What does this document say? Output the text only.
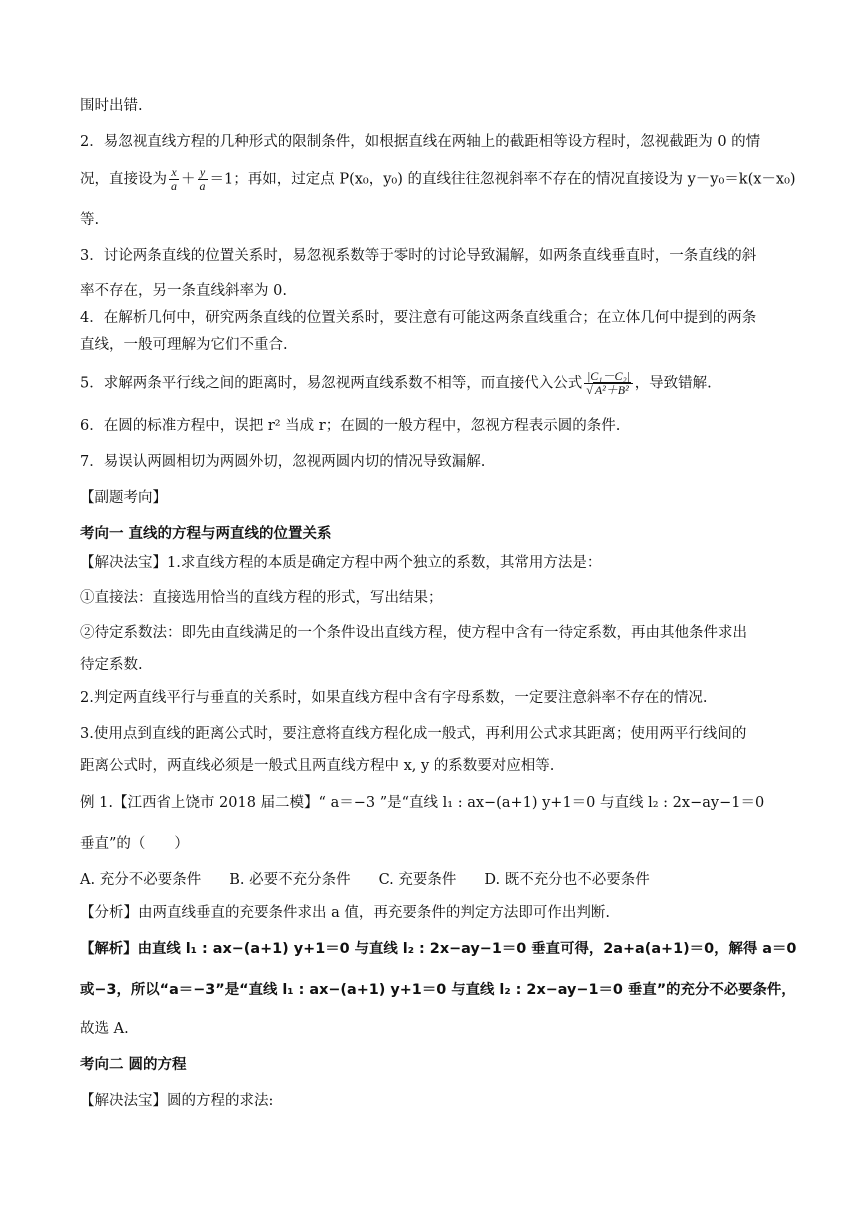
围时出错.
2．易忽视直线方程的几种形式的限制条件，如根据直线在两轴上的截距相等设方程时，忽视截距为 0 的情
况，直接设为 $\frac{x}{a} + \frac{y}{a} =1$；再如，过定点 P(x₀，y₀) 的直线往往忽视斜率不存在的情况直接设为 y－y₀＝k(x－x₀)
等.
3．讨论两条直线的位置关系时，易忽视系数等于零时的讨论导致漏解，如两条直线垂直时，一条直线的斜
率不存在，另一条直线斜率为 0.
4．在解析几何中，研究两条直线的位置关系时，要注意有可能这两条直线重合；在立体几何中提到的两条
直线，一般可理解为它们不重合.
5．求解两条平行线之间的距离时，易忽视两直线系数不相等，而直接代入公式 $\frac{\text{|C₁－C₂|}}{\text{√ A²＋B²}}$ ，导致错解.
6．在圆的标准方程中，误把 r² 当成 r；在圆的一般方程中，忽视方程表示圆的条件.
7．易误认两圆相切为两圆外切，忽视两圆内切的情况导致漏解.
【副题考向】
考向一 直线的方程与两直线的位置关系
【解决法宝】1.求直线方程的本质是确定方程中两个独立的系数，其常用方法是：
①直接法：直接选用恰当的直线方程的形式，写出结果；
②待定系数法：即先由直线满足的一个条件设出直线方程，使方程中含有一待定系数，再由其他条件求出
待定系数.
2.判定两直线平行与垂直的关系时，如果直线方程中含有字母系数，一定要注意斜率不存在的情况.
3.使用点到直线的距离公式时，要注意将直线方程化成一般式，再利用公式求其距离；使用两平行线间的
距离公式时，两直线必须是一般式且两直线方程中 x, y 的系数要对应相等.
例 1.【江西省上饶市 2018 届二模】“ a＝−3 ”是“直线 l₁ : ax−(a+1) y+1＝0 与直线 l₂ : 2x−ay−1＝0
垂直”的（　　）
A. 充分不必要条件 B. 必要不充分条件 C. 充要条件 D. 既不充分也不必要条件
【分析】由两直线垂直的充要条件求出 a 值，再充要条件的判定方法即可作出判断.
【解析】由直线 l₁ : ax−(a+1) y+1＝0 与直线 l₂ : 2x−ay−1＝0 垂直可得，2a+a(a+1)＝0，解得 a＝0
或−3，所以“a＝−3”是“直线 l₁ : ax−(a+1) y+1＝0 与直线 l₂ : 2x−ay−1＝0 垂直”的充分不必要条件，
故选 A.
考向二 圆的方程
【解决法宝】圆的方程的求法:
